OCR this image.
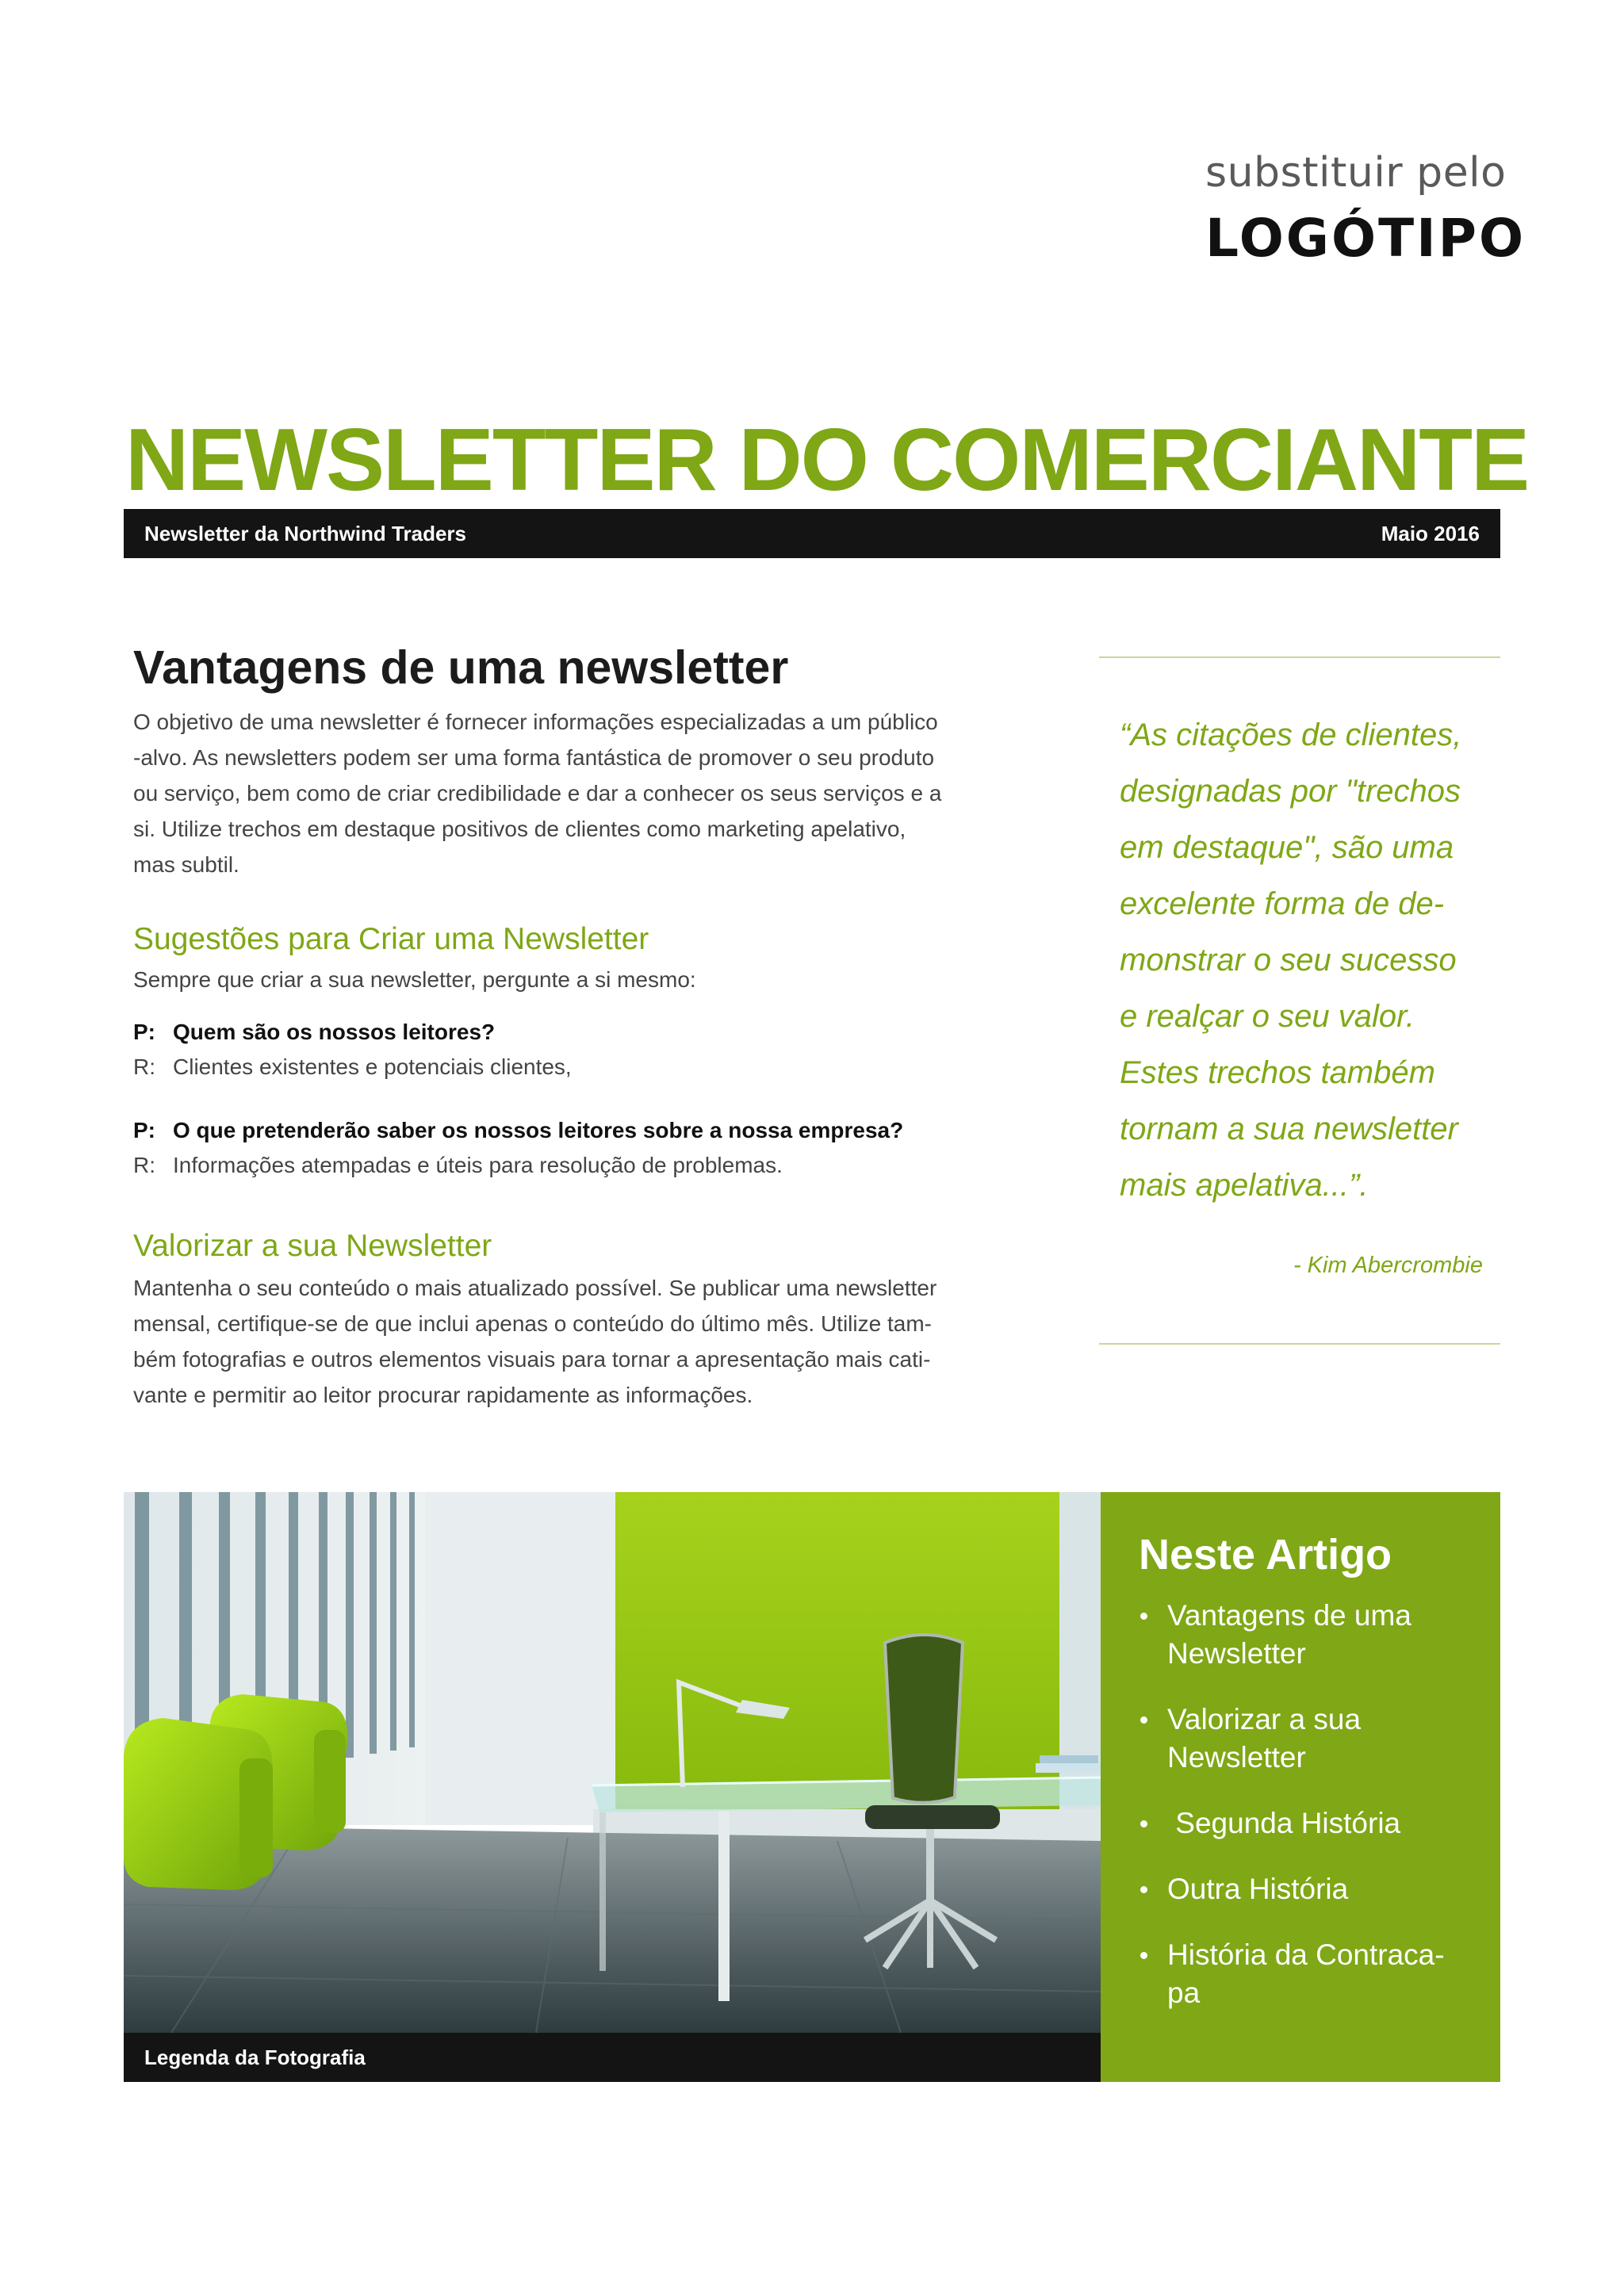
substituir pelo
LOGÓTIPO
NEWSLETTER DO COMERCIANTE
Newsletter da Northwind Traders	Maio 2016
Vantagens de uma newsletter
O objetivo de uma newsletter é fornecer informações especializadas a um público
-alvo. As newsletters podem ser uma forma fantástica de promover o seu produto
ou serviço, bem como de criar credibilidade e dar a conhecer os seus serviços e a
si. Utilize trechos em destaque positivos de clientes como marketing apelativo,
mas subtil.
Sugestões para Criar uma Newsletter
Sempre que criar a sua newsletter, pergunte a si mesmo:
P: Quem são os nossos leitores?
R: Clientes existentes e potenciais clientes,
P: O que pretenderão saber os nossos leitores sobre a nossa empresa?
R: Informações atempadas e úteis para resolução de problemas.
Valorizar a sua Newsletter
Mantenha o seu conteúdo o mais atualizado possível. Se publicar uma newsletter
mensal, certifique-se de que inclui apenas o conteúdo do último mês. Utilize tam-
bém fotografias e outros elementos visuais para tornar a apresentação mais cati-
vante e permitir ao leitor procurar rapidamente as informações.
“As citações de clientes,
designadas por "trechos
em destaque", são uma
excelente forma de de-
monstrar o seu sucesso
e realçar o seu valor.
Estes trechos também
tornam a sua newsletter
mais apelativa...”.
- Kim Abercrombie
Legenda da Fotografia
Neste Artigo
Vantagens de uma
Newsletter
Valorizar a sua
Newsletter
Segunda História
Outra História
História da Contraca-
pa
